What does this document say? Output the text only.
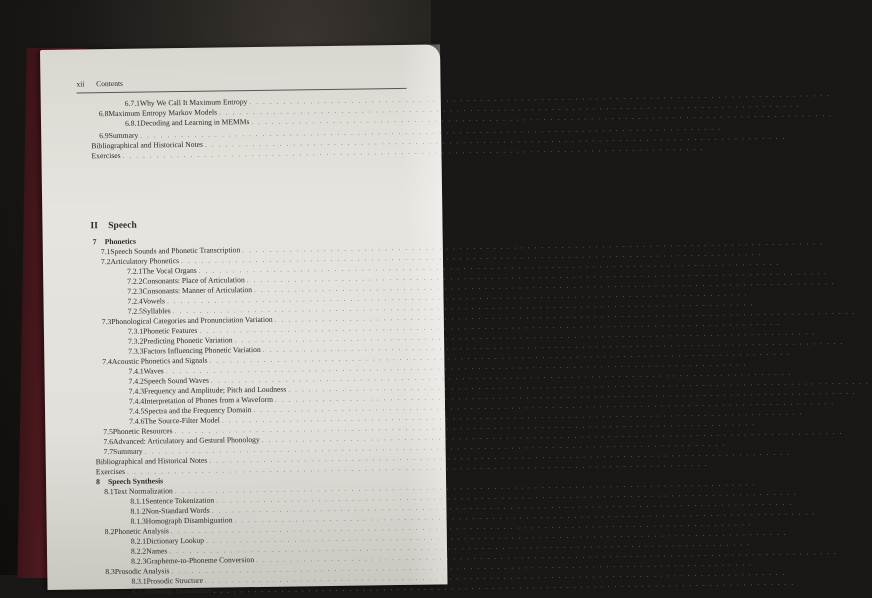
xii Contents
II Speech
6.7.1 Why We Call It Maximum Entropy
. . .
6.8 Maximum Entropy Markov Models
. . .
6.8.1 Decoding and Learning in MEMMs
. . .
6.9 Summary
. . .
Bibliographical and Historical Notes
. . .
Exercises
. . .
7	Phonetics
7.1 Speech Sounds and Phonetic Transcription
. . .
7.2 Articulatory Phonetics
. . .
7.2.1 The Vocal Organs
. . .
7.2.2 Consonants: Place of Articulation
. . .
7.2.3 Consonants: Manner of Articulation
. . .
7.2.4 Vowels
. . .
7.2.5 Syllables
. . .
7.3 Phonological Categories and Pronunciation Variation
. . .
7.3.1 Phonetic Features
. . .
7.3.2 Predicting Phonetic Variation
. . .
7.3.3 Factors Influencing Phonetic Variation
. . .
7.4 Acoustic Phonetics and Signals
. . .
7.4.1 Waves
. . .
7.4.2 Speech Sound Waves
. . .
7.4.3 Frequency and Amplitude; Pitch and Loudness
. . .
7.4.4 Interpretation of Phones from a Waveform
. . .
7.4.5 Spectra and the Frequency Domain
. . .
7.4.6 The Source-Filter Model
. . .
7.5 Phonetic Resources
. . .
7.6 Advanced: Articulatory and Gestural Phonology
. . .
7.7 Summary
. . .
Bibliographical and Historical Notes
. . .
Exercises
. . .
8	Speech Synthesis
8.1 Text Normalization
. . .
8.1.1 Sentence Tokenization
. . .
8.1.2 Non-Standard Words
. . .
8.1.3 Homograph Disambiguation
. . .
8.2 Phonetic Analysis
. . .
8.2.1 Dictionary Lookup
. . .
8.2.2 Names
. . .
8.2.3 Grapheme-to-Phoneme Conversion
. . .
8.3 Prosodic Analysis
. . .
8.3.1 Prosodic Structure
. . .
8.3.2 Prosodic Prominence
. . .
